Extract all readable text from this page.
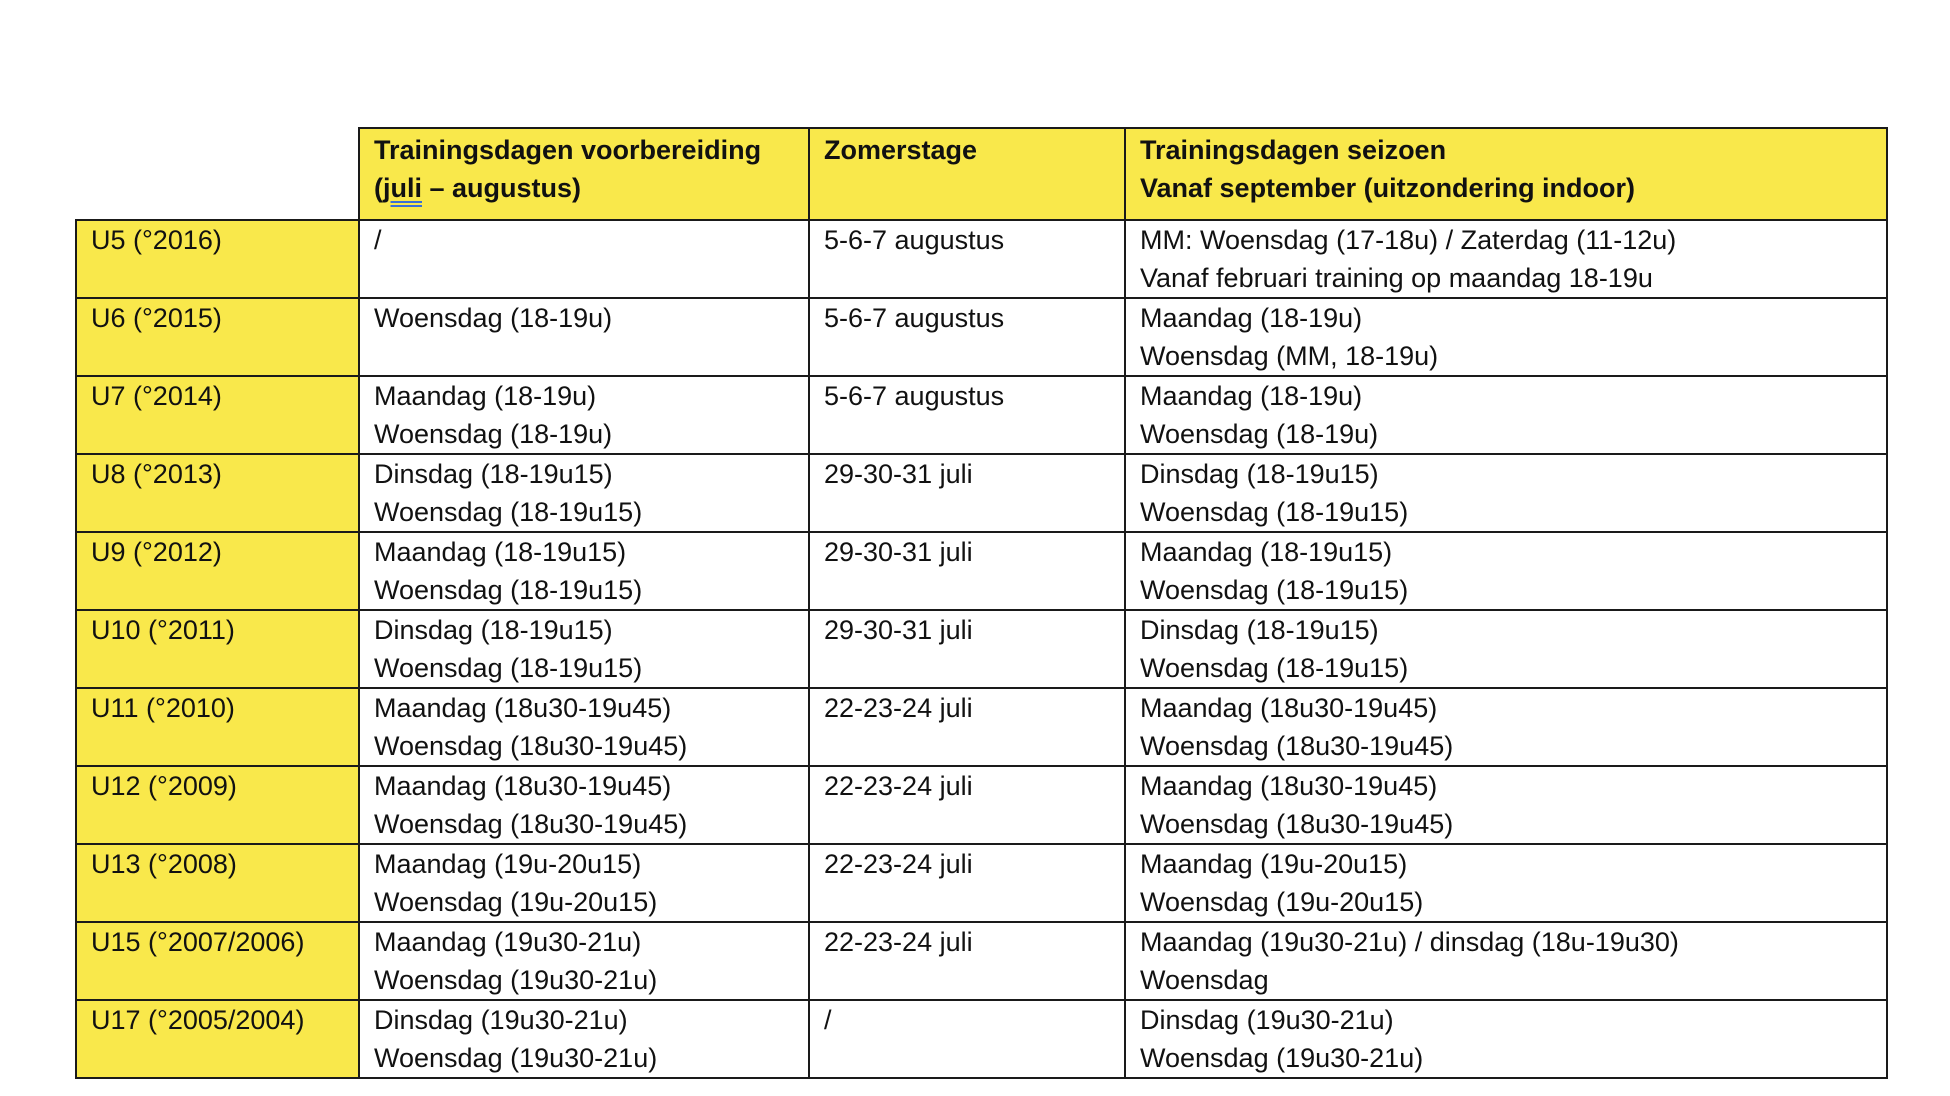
	Trainingsdagen voorbereiding
(juli – augustus)	Zomerstage	Trainingsdagen seizoen
Vanaf september (uitzondering indoor)

U5 (°2016)	/	5-6-7 augustus	MM: Woensdag (17-18u) / Zaterdag (11-12u)
Vanaf februari training op maandag 18-19u

U6 (°2015)	Woensdag (18-19u)	5-6-7 augustus	Maandag (18-19u)
Woensdag (MM, 18-19u)

U7 (°2014)	Maandag (18-19u)
Woensdag (18-19u)	5-6-7 augustus	Maandag (18-19u)
Woensdag (18-19u)

U8 (°2013)	Dinsdag (18-19u15)
Woensdag (18-19u15)	29-30-31 juli	Dinsdag (18-19u15)
Woensdag (18-19u15)

U9 (°2012)	Maandag (18-19u15)
Woensdag (18-19u15)	29-30-31 juli	Maandag (18-19u15)
Woensdag (18-19u15)

U10 (°2011)	Dinsdag (18-19u15)
Woensdag (18-19u15)	29-30-31 juli	Dinsdag (18-19u15)
Woensdag (18-19u15)

U11 (°2010)	Maandag (18u30-19u45)
Woensdag (18u30-19u45)	22-23-24 juli	Maandag (18u30-19u45)
Woensdag (18u30-19u45)

U12 (°2009)	Maandag (18u30-19u45)
Woensdag (18u30-19u45)	22-23-24 juli	Maandag (18u30-19u45)
Woensdag (18u30-19u45)

U13 (°2008)	Maandag (19u-20u15)
Woensdag (19u-20u15)	22-23-24 juli	Maandag (19u-20u15)
Woensdag (19u-20u15)

U15 (°2007/2006)	Maandag (19u30-21u)
Woensdag (19u30-21u)	22-23-24 juli	Maandag (19u30-21u) / dinsdag (18u-19u30)
Woensdag

U17 (°2005/2004)	Dinsdag (19u30-21u)
Woensdag (19u30-21u)	/	Dinsdag (19u30-21u)
Woensdag (19u30-21u)
